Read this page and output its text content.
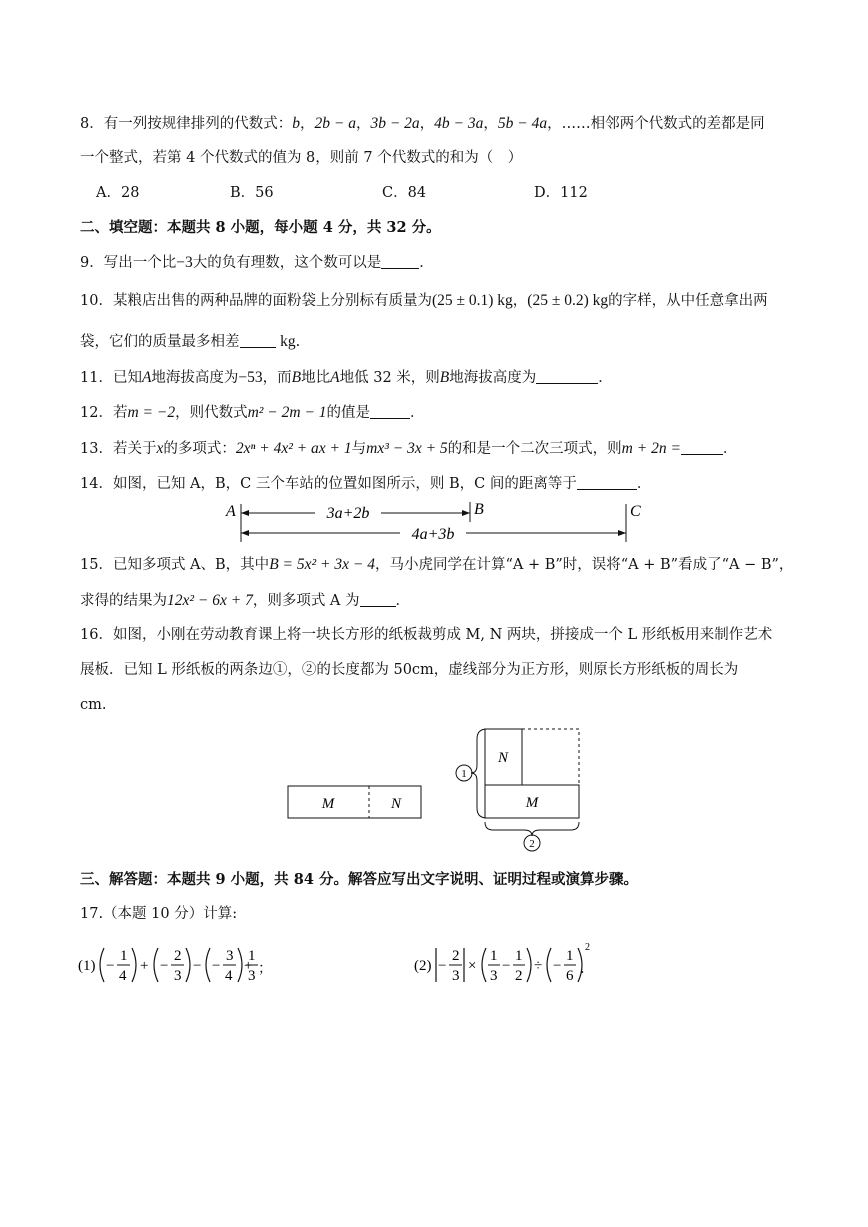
8．有一列按规律排列的代数式：b，2b − a，3b − 2a，4b − 3a，5b − 4a，……相邻两个代数式的差都是同
一个整式，若第 4 个代数式的值为 8，则前 7 个代数式的和为（　）
A．28	B．56	C．84	D．112
二、填空题：本题共 8 小题，每小题 4 分，共 32 分。
9．写出一个比−3大的负有理数，这个数可以是	．
10．某粮店出售的两种品牌的面粉袋上分别标有质量为(25 ± 0.1) kg，(25 ± 0.2) kg的字样，从中任意拿出两
袋，它们的质量最多相差	kg.
11．已知A地海拔高度为−53，而B地比A地低 32 米，则B地海拔高度为	．
12．若m = −2，则代数式m² − 2m − 1的值是	．
13．若关于x的多项式：2xⁿ + 4x² + ax + 1与mx³ − 3x + 5的和是一个二次三项式，则m + 2n =	．
14．如图，已知 A，B，C 三个车站的位置如图所示，则 B，C 间的距离等于	．
3a+2b
4a+3b
A	B	C
15．已知多项式 A、B，其中B = 5x² + 3x − 4，马小虎同学在计算“A + B”时，误将“A + B”看成了“A − B”，
求得的结果为12x² − 6x + 7，则多项式 A 为 ．
16．如图，小刚在劳动教育课上将一块长方形的纸板裁剪成 M, N 两块，拼接成一个 L 形纸板用来制作艺术
展板．已知 L 形纸板的两条边①，②的长度都为 50cm，虚线部分为正方形，则原长方形纸板的周长为
cm.
M	N
N
M
1
2
三、解答题：本题共 9 小题，共 84 分。解答应写出文字说明、证明过程或演算步骤。
17.（本题 10 分）计算:
(1) −
1
4
+ −
2
3
− −
3
4
+
1
3 ；	(2) −
2
3
×
1
3
−
1
2
÷ −
1
6
2
.
